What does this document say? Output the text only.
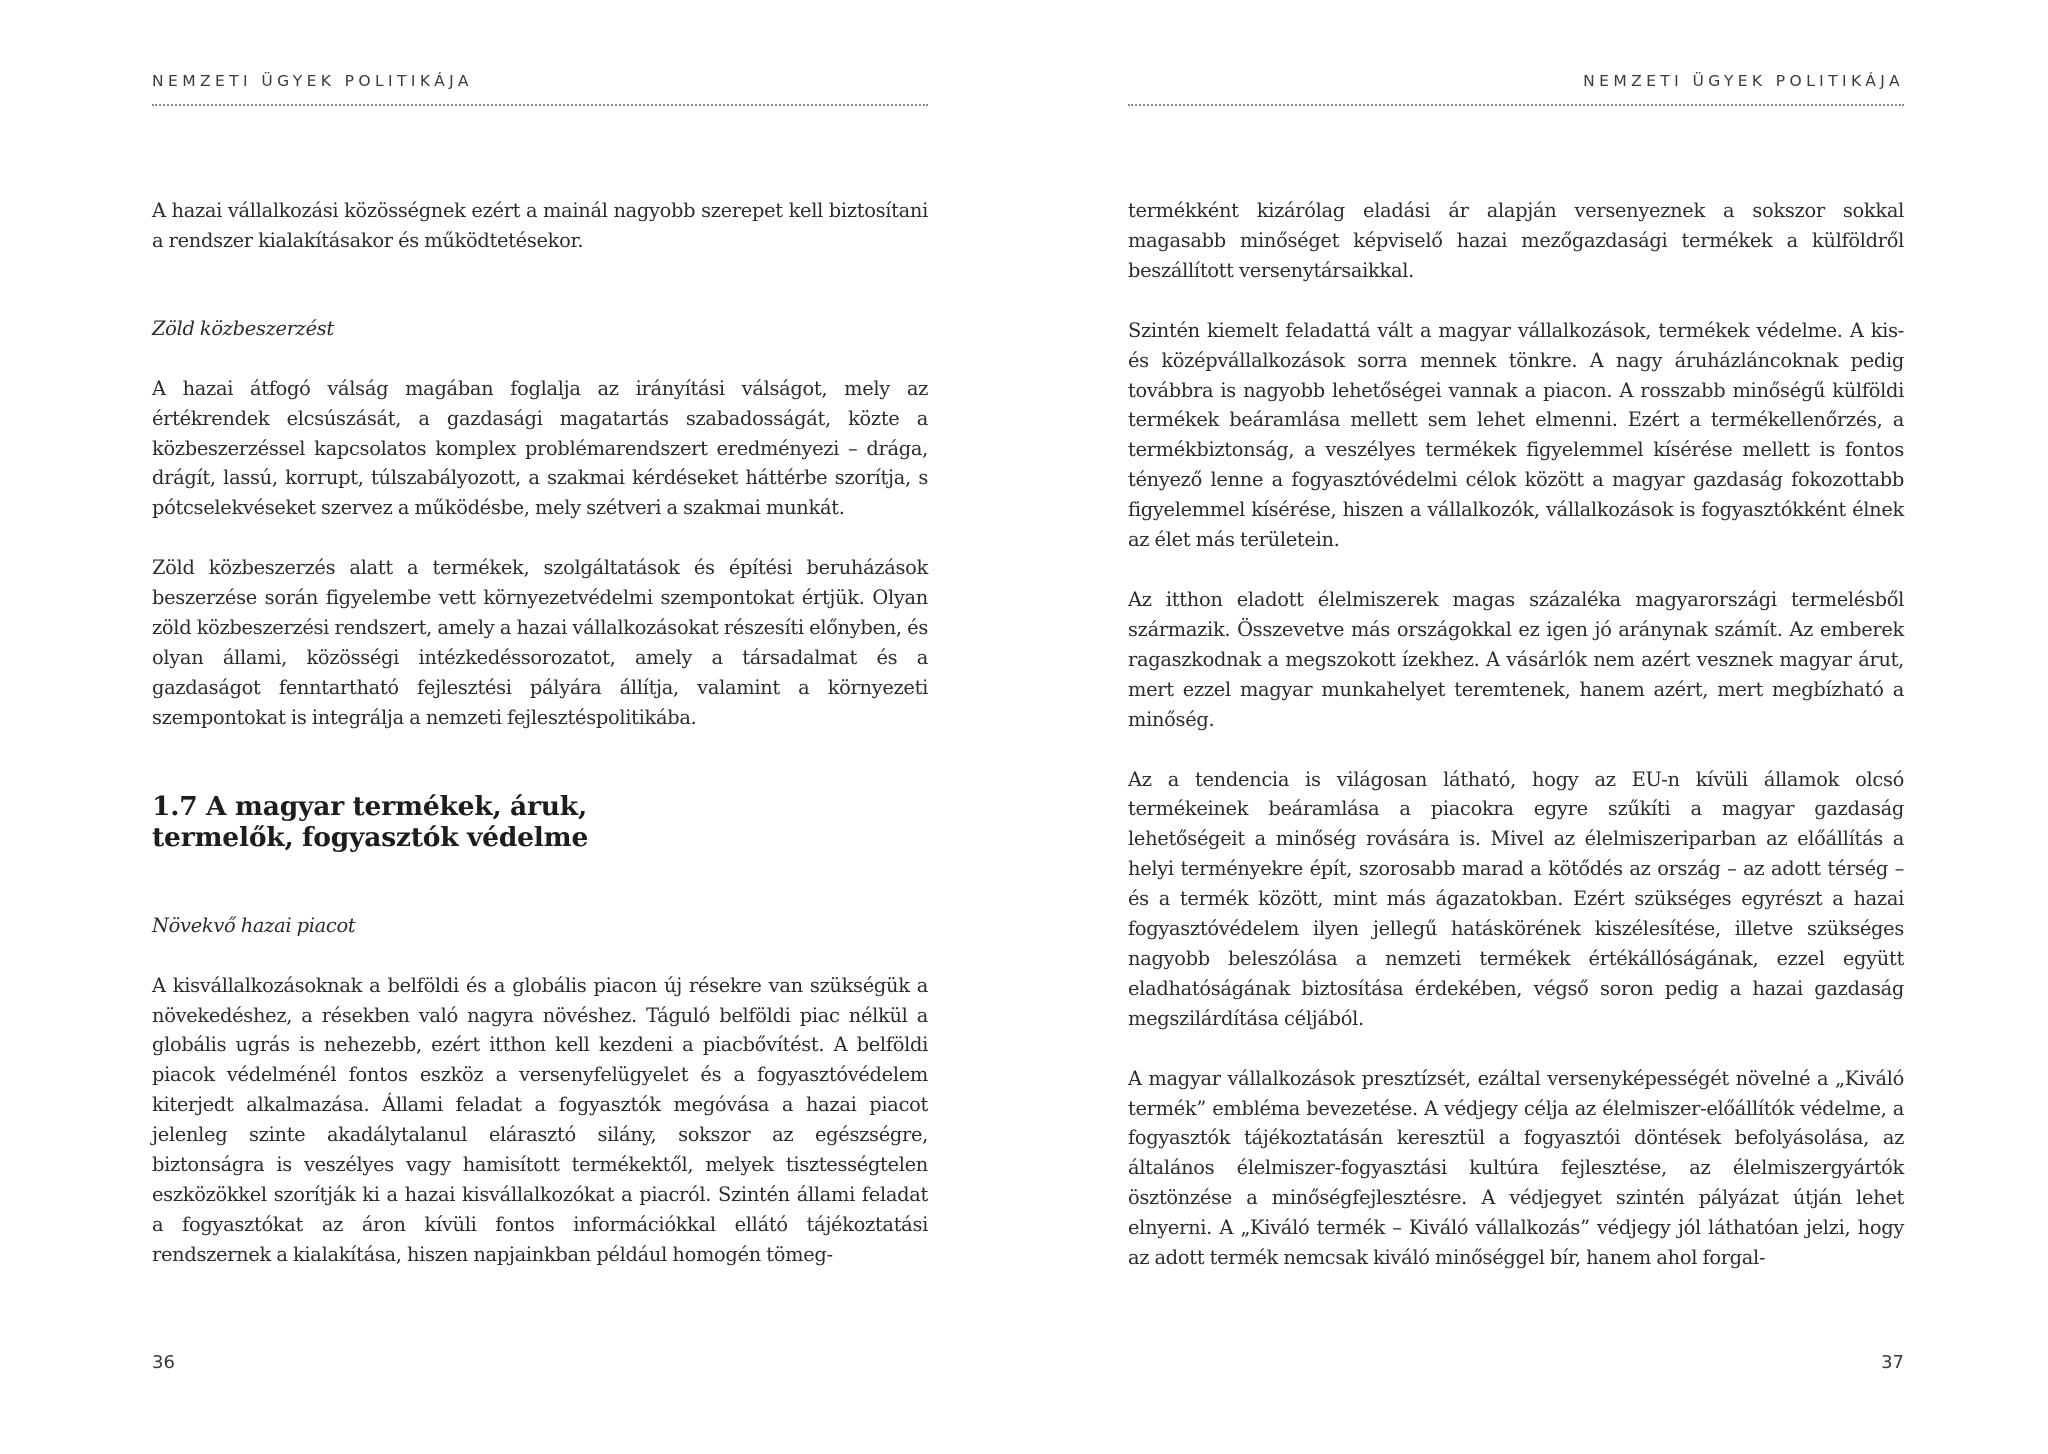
NEMZETI ÜGYEK POLITIKÁJA

A hazai vállalkozási közösségnek ezért a mainál nagyobb szerepet kell biztosítani a rendszer kialakításakor és működtetésekor.

Zöld közbeszerzést

A hazai átfogó válság magában foglalja az irányítási válságot, mely az értékrendek elcsúszását, a gazdasági magatartás szabadosságát, közte a közbeszerzéssel kapcsolatos komplex problémarendszert eredményezi – drága, drágít, lassú, korrupt, túlszabályozott, a szakmai kérdéseket háttérbe szorítja, s pótcselekvéseket szervez a működésbe, mely szétveri a szakmai munkát.

Zöld közbeszerzés alatt a termékek, szolgáltatások és építési beruházások beszerzése során figyelembe vett környezetvédelmi szempontokat értjük. Olyan zöld közbeszerzési rendszert, amely a hazai vállalkozásokat részesíti előnyben, és olyan állami, közösségi intézkedéssorozatot, amely a társadalmat és a gazdaságot fenntartható fejlesztési pályára állítja, valamint a környezeti szempontokat is integrálja a nemzeti fejlesztéspolitikába.

1.7 A magyar termékek, áruk,
termelők, fogyasztók védelme

Növekvő hazai piacot

A kisvállalkozásoknak a belföldi és a globális piacon új résekre van szükségük a növekedéshez, a résekben való nagyra növéshez. Táguló belföldi piac nélkül a globális ugrás is nehezebb, ezért itthon kell kezdeni a piacbővítést. A belföldi piacok védelménél fontos eszköz a versenyfelügyelet és a fogyasztóvédelem kiterjedt alkalmazása. Állami feladat a fogyasztók megóvása a hazai piacot jelenleg szinte akadálytalanul elárasztó silány, sokszor az egészségre, biztonságra is veszélyes vagy hamisított termékektől, melyek tisztességtelen eszközökkel szorítják ki a hazai kisvállalkozókat a piacról. Szintén állami feladat a fogyasztókat az áron kívüli fontos információkkal ellátó tájékoztatási rendszernek a kialakítása, hiszen napjainkban például homogén tömeg-

36
NEMZETI ÜGYEK POLITIKÁJA

termékként kizárólag eladási ár alapján versenyeznek a sokszor sokkal magasabb minőséget képviselő hazai mezőgazdasági termékek a külföldről beszállított versenytársaikkal.

Szintén kiemelt feladattá vált a magyar vállalkozások, termékek védelme. A kis- és középvállalkozások sorra mennek tönkre. A nagy áruházláncoknak pedig továbbra is nagyobb lehetőségei vannak a piacon. A rosszabb minőségű külföldi termékek beáramlása mellett sem lehet elmenni. Ezért a termékellenőrzés, a termékbiztonság, a veszélyes termékek figyelemmel kísérése mellett is fontos tényező lenne a fogyasztóvédelmi célok között a magyar gazdaság fokozottabb figyelemmel kísérése, hiszen a vállalkozók, vállalkozások is fogyasztókként élnek az élet más területein.

Az itthon eladott élelmiszerek magas százaléka magyarországi termelésből származik. Összevetve más országokkal ez igen jó aránynak számít. Az emberek ragaszkodnak a megszokott ízekhez. A vásárlók nem azért vesznek magyar árut, mert ezzel magyar munkahelyet teremtenek, hanem azért, mert megbízható a minőség.

Az a tendencia is világosan látható, hogy az EU-n kívüli államok olcsó termékeinek beáramlása a piacokra egyre szűkíti a magyar gazdaság lehetőségeit a minőség rovására is. Mivel az élelmiszeriparban az előállítás a helyi terményekre épít, szorosabb marad a kötődés az ország – az adott térség – és a termék között, mint más ágazatokban. Ezért szükséges egyrészt a hazai fogyasztóvédelem ilyen jellegű hatáskörének kiszélesítése, illetve szükséges nagyobb beleszólása a nemzeti termékek értékállóságának, ezzel együtt eladhatóságának biztosítása érdekében, végső soron pedig a hazai gazdaság megszilárdítása céljából.

A magyar vállalkozások presztízsét, ezáltal versenyképességét növelné a „Kiváló termék” embléma bevezetése. A védjegy célja az élelmiszer-előállítók védelme, a fogyasztók tájékoztatásán keresztül a fogyasztói döntések befolyásolása, az általános élelmiszer-fogyasztási kultúra fejlesztése, az élelmiszergyártók ösztönzése a minőségfejlesztésre. A védjegyet szintén pályázat útján lehet elnyerni. A „Kiváló termék – Kiváló vállalkozás” védjegy jól láthatóan jelzi, hogy az adott termék nemcsak kiváló minőséggel bír, hanem ahol forgal-

37
